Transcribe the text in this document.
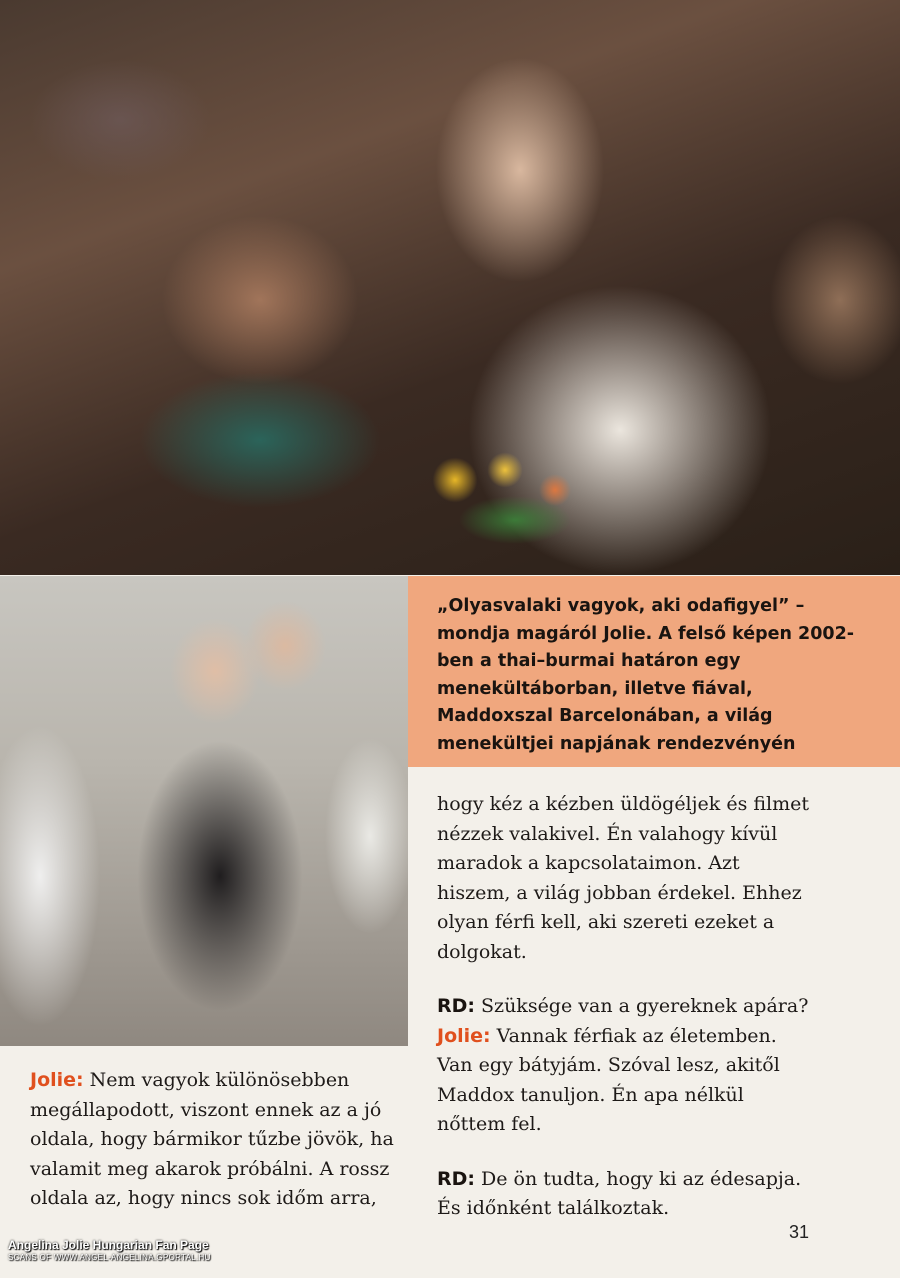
„Olyasvalaki vagyok, aki odafigyel” – mondja magáról Jolie. A felső képen 2002-ben a thai–burmai határon egy menekültáborban, illetve fiával, Maddoxszal Barcelonában, a világ menekültjei napjának rendezvényén

hogy kéz a kézben üldögéljek és filmet nézzek valakivel. Én valahogy kívül maradok a kapcsolataimon. Azt hiszem, a világ jobban érdekel. Ehhez olyan férfi kell, aki szereti ezeket a dolgokat.

RD: Szüksége van a gyereknek apára?

Jolie: Vannak férfiak az életemben. Van egy bátyjám. Szóval lesz, akitől Maddox tanuljon. Én apa nélkül nőttem fel.

RD: De ön tudta, hogy ki az édesapja. És időnként találkoztak.

Jolie: Nem vagyok különösebben megállapodott, viszont ennek az a jó oldala, hogy bármikor tűzbe jövök, ha valamit meg akarok próbálni. A rossz oldala az, hogy nincs sok időm arra,

31
Angelina Jolie Hungarian Fan Page
SCANS OF WWW.ANGEL-ANGELINA.GPORTAL.HU
